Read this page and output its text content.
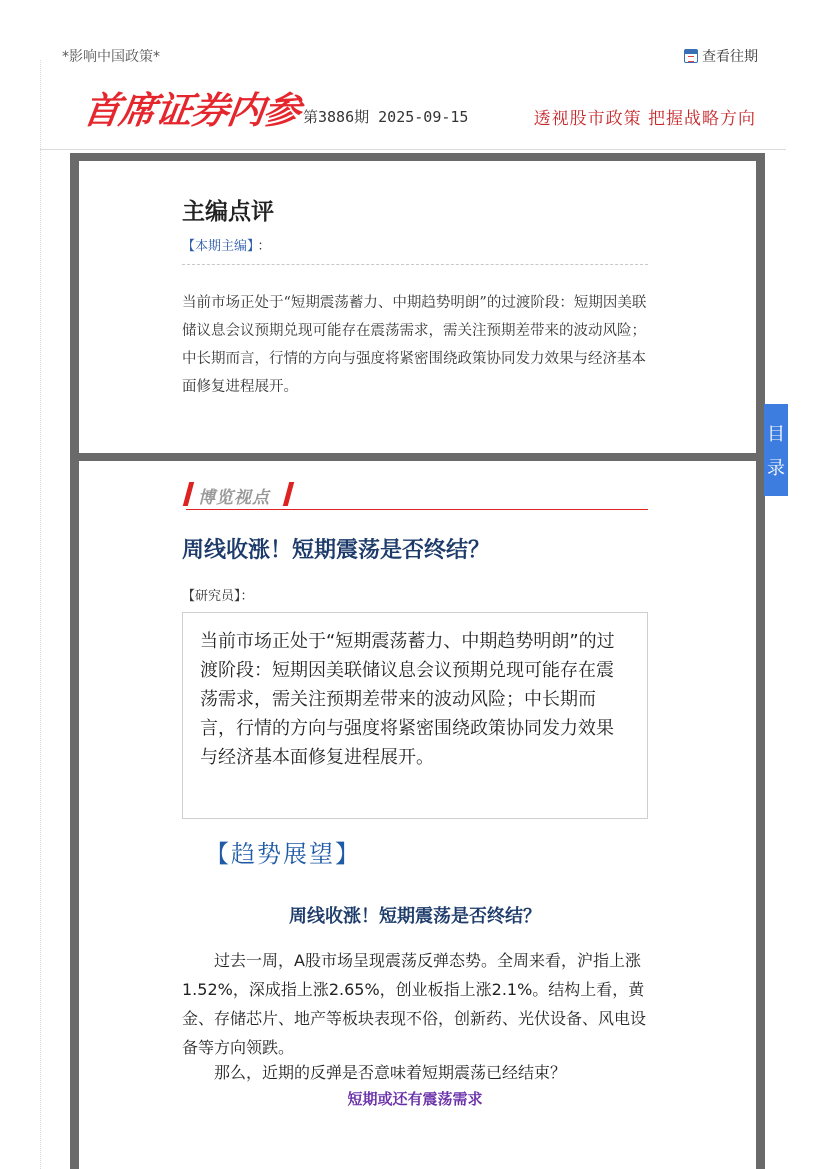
*影响中国政策*	查看往期
首席证券内参 第3886期 2025-09-15	透视股市政策 把握战略方向
主编点评
【本期主编】 ：
当前市场正处于“短期震荡蓄力、中期趋势明朗”的过渡阶段：短期因美联储议息会议预期兑现可能存在震荡需求，需关注预期差带来的波动风险；中长期而言，行情的方向与强度将紧密围绕政策协同发力效果与经济基本面修复进程展开。
目
录
博览视点
周线收涨！短期震荡是否终结？
【研究员】：
当前市场正处于“短期震荡蓄力、中期趋势明朗”的过渡阶段：短期因美联储议息会议预期兑现可能存在震荡需求，需关注预期差带来的波动风险；中长期而言，行情的方向与强度将紧密围绕政策协同发力效果与经济基本面修复进程展开。
【趋势展望】
周线收涨！短期震荡是否终结？
过去一周，A股市场呈现震荡反弹态势。全周来看，沪指上涨1.52%，深成指上涨2.65%，创业板指上涨2.1%。结构上看，黄金、存储芯片、地产等板块表现不俗，创新药、光伏设备、风电设备等方向领跌。
那么，近期的反弹是否意味着短期震荡已经结束？
短期或还有震荡需求
